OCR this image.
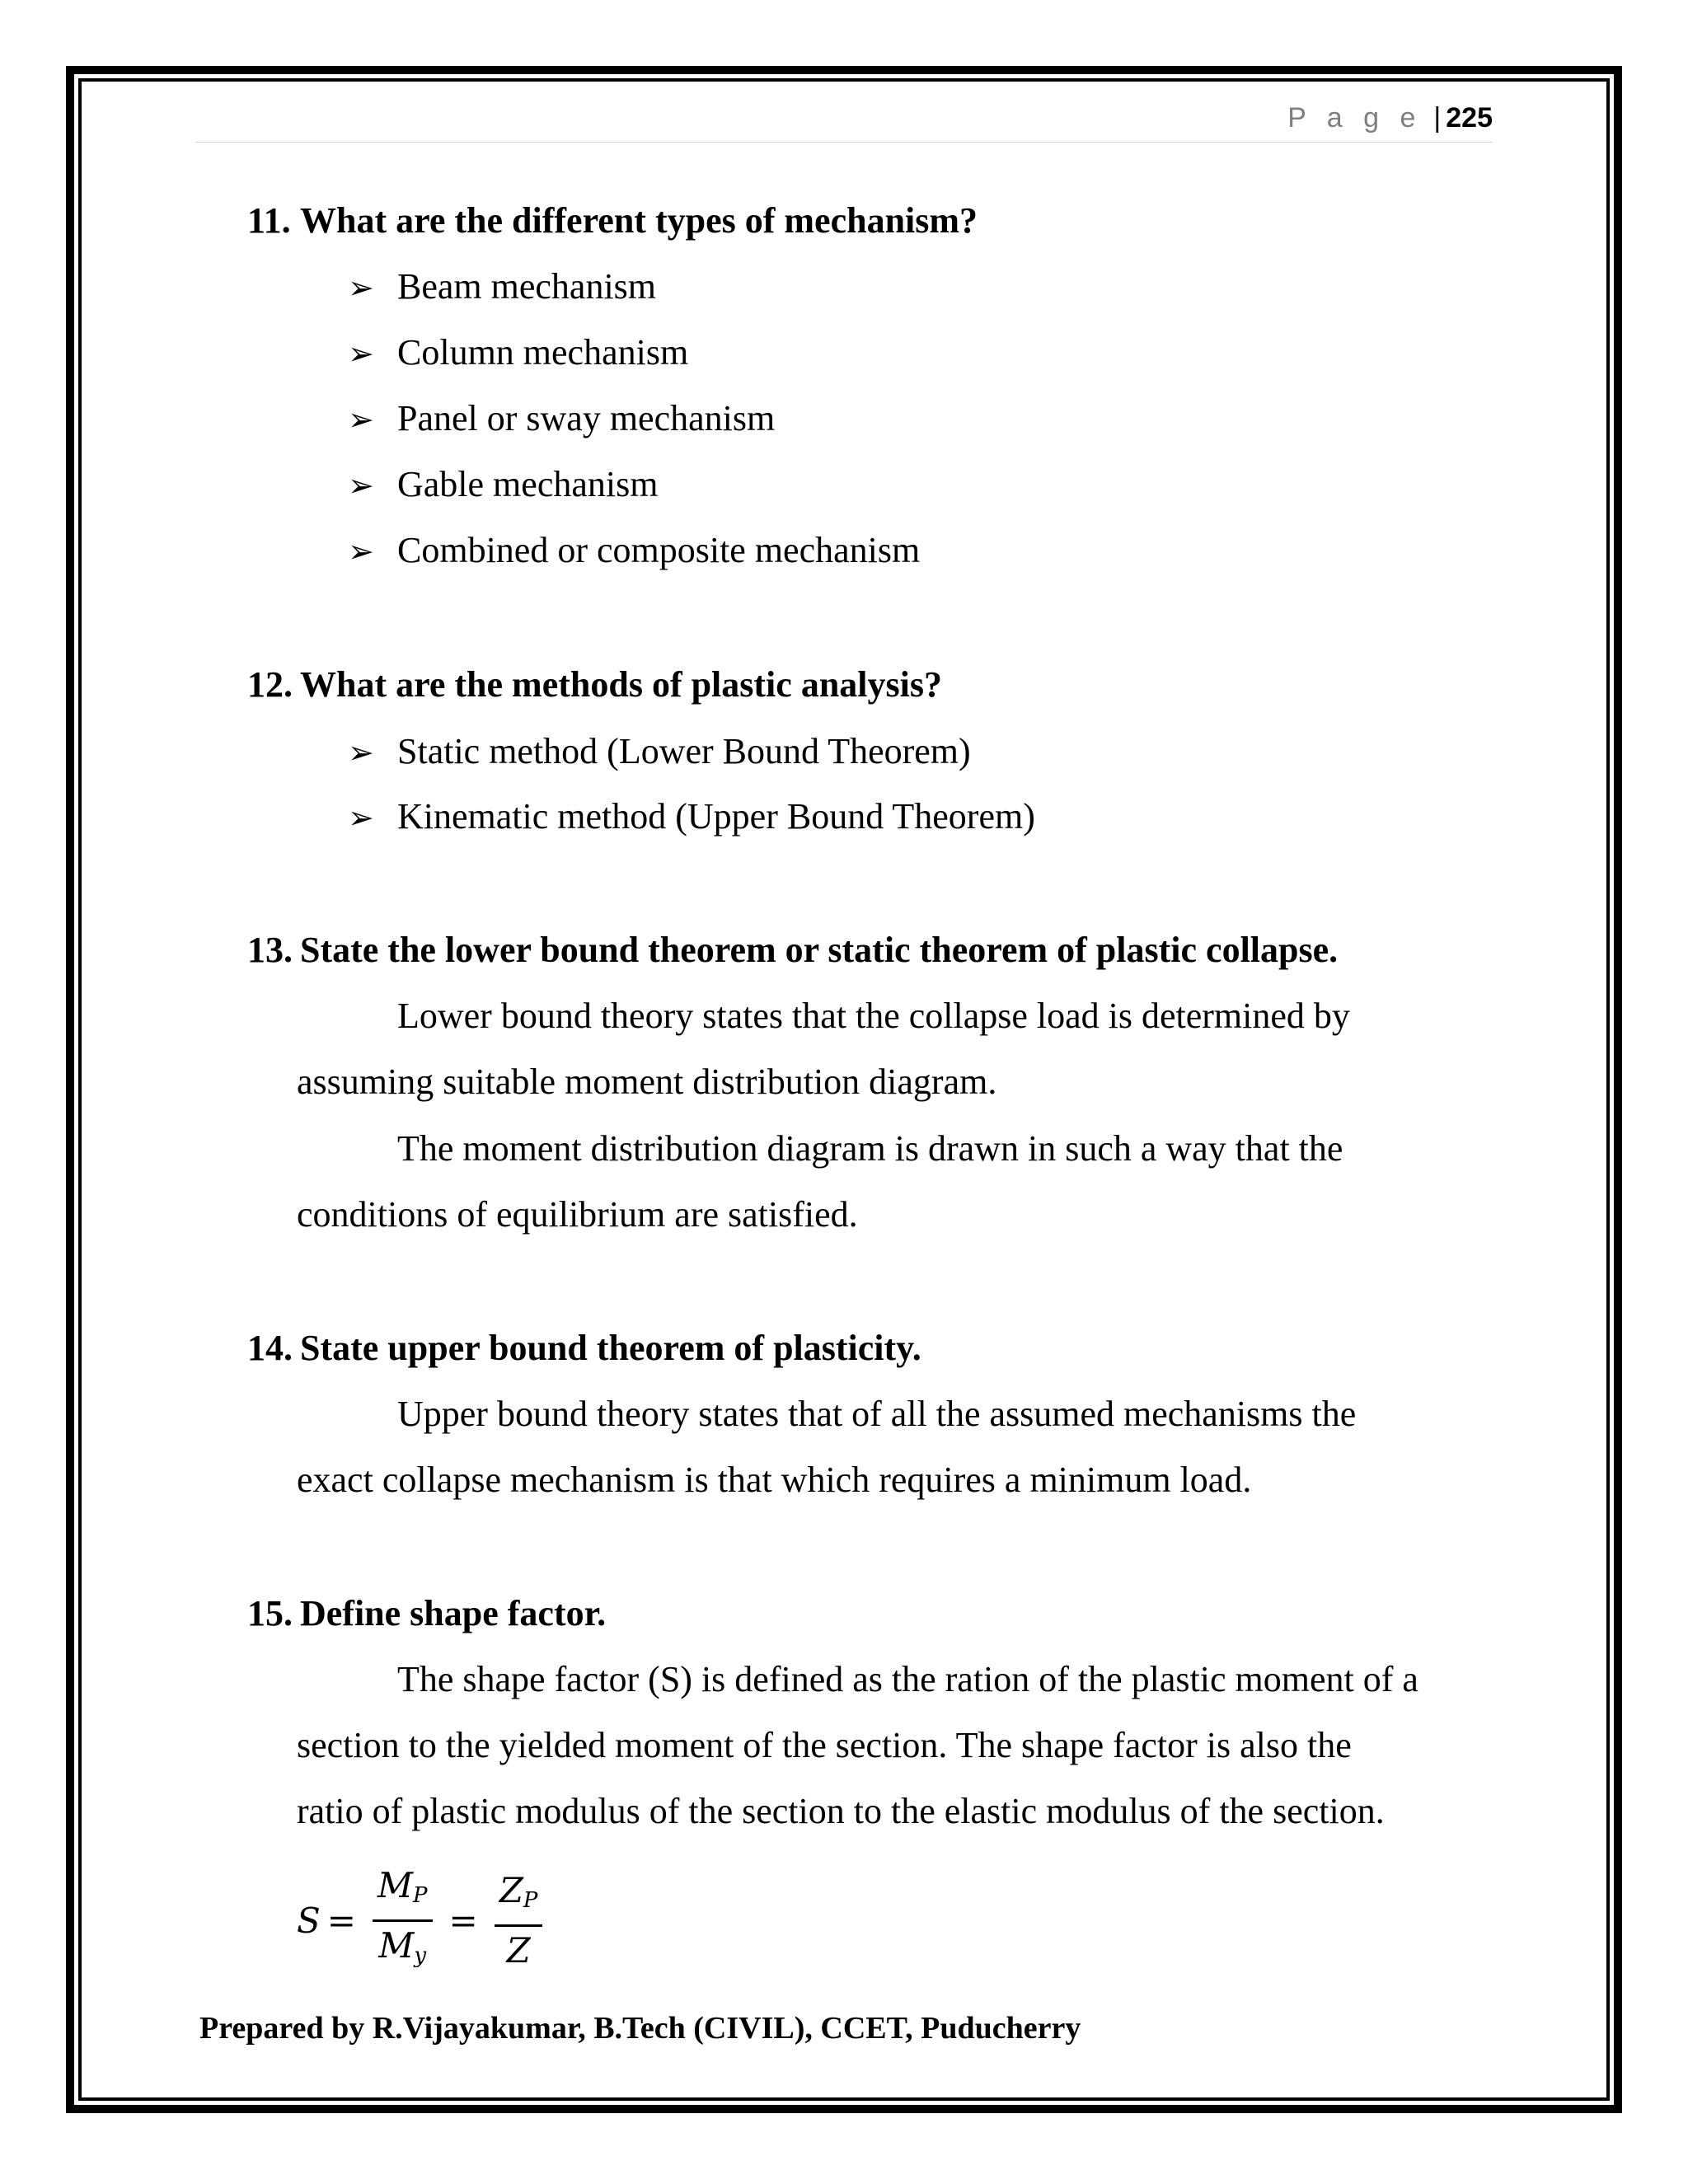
P a g e | 225
11. What are the different types of mechanism?
➢ Beam mechanism
➢ Column mechanism
➢ Panel or sway mechanism
➢ Gable mechanism
➢ Combined or composite mechanism
12. What are the methods of plastic analysis?
➢ Static method (Lower Bound Theorem)
➢ Kinematic method (Upper Bound Theorem)
13. State the lower bound theorem or static theorem of plastic collapse.
Lower bound theory states that the collapse load is determined by
assuming suitable moment distribution diagram.
The moment distribution diagram is drawn in such a way that the
conditions of equilibrium are satisfied.
14. State upper bound theorem of plasticity.
Upper bound theory states that of all the assumed mechanisms the
exact collapse mechanism is that which requires a minimum load.
15. Define shape factor.
The shape factor (S) is defined as the ration of the plastic moment of a
section to the yielded moment of the section. The shape factor is also the
ratio of plastic modulus of the section to the elastic modulus of the section.
$S = \frac{M_P}{M_y} = \frac{Z_P}{Z}$
Prepared by R.Vijayakumar, B.Tech (CIVIL), CCET, Puducherry
